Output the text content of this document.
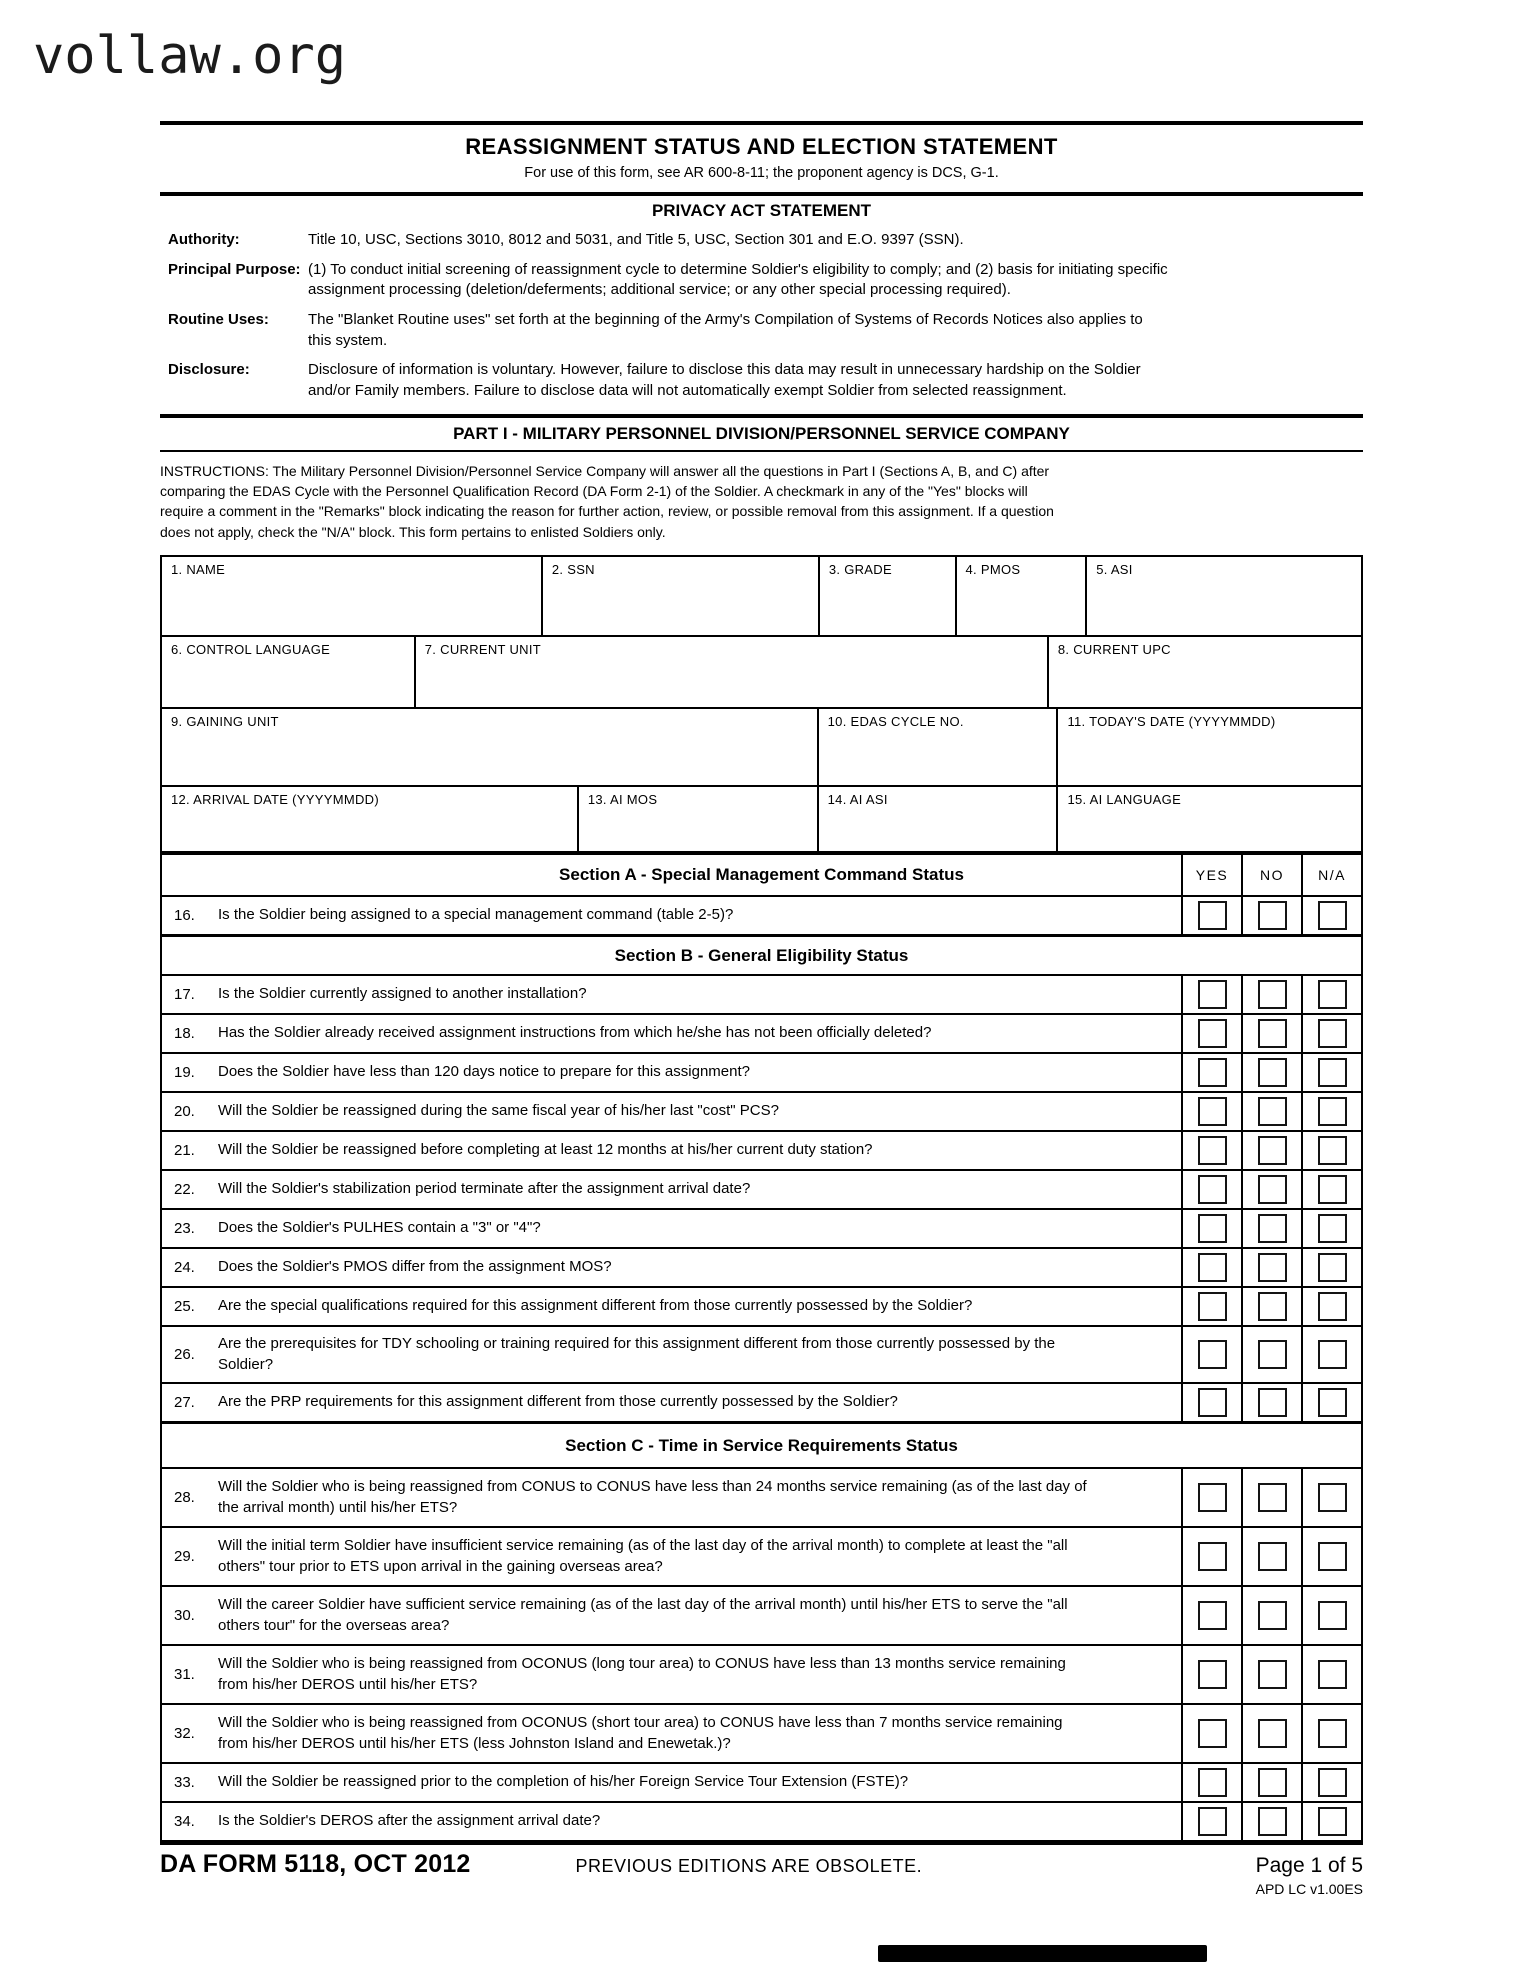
vollaw.org
REASSIGNMENT STATUS AND ELECTION STATEMENT
For use of this form, see AR 600-8-11; the proponent agency is DCS, G-1.
PRIVACY ACT STATEMENT
Authority:	Title 10, USC, Sections 3010, 8012 and 5031, and Title 5, USC, Section 301 and E.O. 9397 (SSN).
Principal Purpose: (1) To conduct initial screening of reassignment cycle to determine Soldier's eligibility to comply; and (2) basis for initiating specific assignment processing (deletion/deferments; additional service; or any other special processing required).
Routine Uses:	The "Blanket Routine uses" set forth at the beginning of the Army's Compilation of Systems of Records Notices also applies to this system.
Disclosure:	Disclosure of information is voluntary. However, failure to disclose this data may result in unnecessary hardship on the Soldier and/or Family members. Failure to disclose data will not automatically exempt Soldier from selected reassignment.
PART I - MILITARY PERSONNEL DIVISION/PERSONNEL SERVICE COMPANY
INSTRUCTIONS: The Military Personnel Division/Personnel Service Company will answer all the questions in Part I (Sections A, B, and C) after comparing the EDAS Cycle with the Personnel Qualification Record (DA Form 2-1) of the Soldier. A checkmark in any of the "Yes" blocks will require a comment in the "Remarks" block indicating the reason for further action, review, or possible removal from this assignment. If a question does not apply, check the "N/A" block. This form pertains to enlisted Soldiers only.
1. NAME	2. SSN	3. GRADE	4. PMOS	5. ASI
6. CONTROL LANGUAGE	7. CURRENT UNIT	8. CURRENT UPC
9. GAINING UNIT	10. EDAS CYCLE NO.	11. TODAY'S DATE (YYYYMMDD)
12. ARRIVAL DATE (YYYYMMDD)	13. AI MOS	14. AI ASI	15. AI LANGUAGE
Section A - Special Management Command Status	YES	NO	N/A
16.	Is the Soldier being assigned to a special management command (table 2-5)?
Section B - General Eligibility Status
17.	Is the Soldier currently assigned to another installation?
18.	Has the Soldier already received assignment instructions from which he/she has not been officially deleted?
19.	Does the Soldier have less than 120 days notice to prepare for this assignment?
20.	Will the Soldier be reassigned during the same fiscal year of his/her last "cost" PCS?
21.	Will the Soldier be reassigned before completing at least 12 months at his/her current duty station?
22.	Will the Soldier's stabilization period terminate after the assignment arrival date?
23.	Does the Soldier's PULHES contain a "3" or "4"?
24.	Does the Soldier's PMOS differ from the assignment MOS?
25.	Are the special qualifications required for this assignment different from those currently possessed by the Soldier?
26.
Are the prerequisites for TDY schooling or training required for this assignment different from those currently possessed by the Soldier?
27.	Are the PRP requirements for this assignment different from those currently possessed by the Soldier?
Section C - Time in Service Requirements Status
28.
Will the Soldier who is being reassigned from CONUS to CONUS have less than 24 months service remaining (as of the last day of the arrival month) until his/her ETS?
29.
Will the initial term Soldier have insufficient service remaining (as of the last day of the arrival month) to complete at least the "all others" tour prior to ETS upon arrival in the gaining overseas area?
30.
Will the career Soldier have sufficient service remaining (as of the last day of the arrival month) until his/her ETS to serve the "all others tour" for the overseas area?
31.
Will the Soldier who is being reassigned from OCONUS (long tour area) to CONUS have less than 13 months service remaining from his/her DEROS until his/her ETS?
32.
Will the Soldier who is being reassigned from OCONUS (short tour area) to CONUS have less than 7 months service remaining from his/her DEROS until his/her ETS (less Johnston Island and Enewetak.)?
33.	Will the Soldier be reassigned prior to the completion of his/her Foreign Service Tour Extension (FSTE)?
34.	Is the Soldier's DEROS after the assignment arrival date?
DA FORM 5118, OCT 2012	PREVIOUS EDITIONS ARE OBSOLETE.	Page 1 of 5
APD LC v1.00ES
